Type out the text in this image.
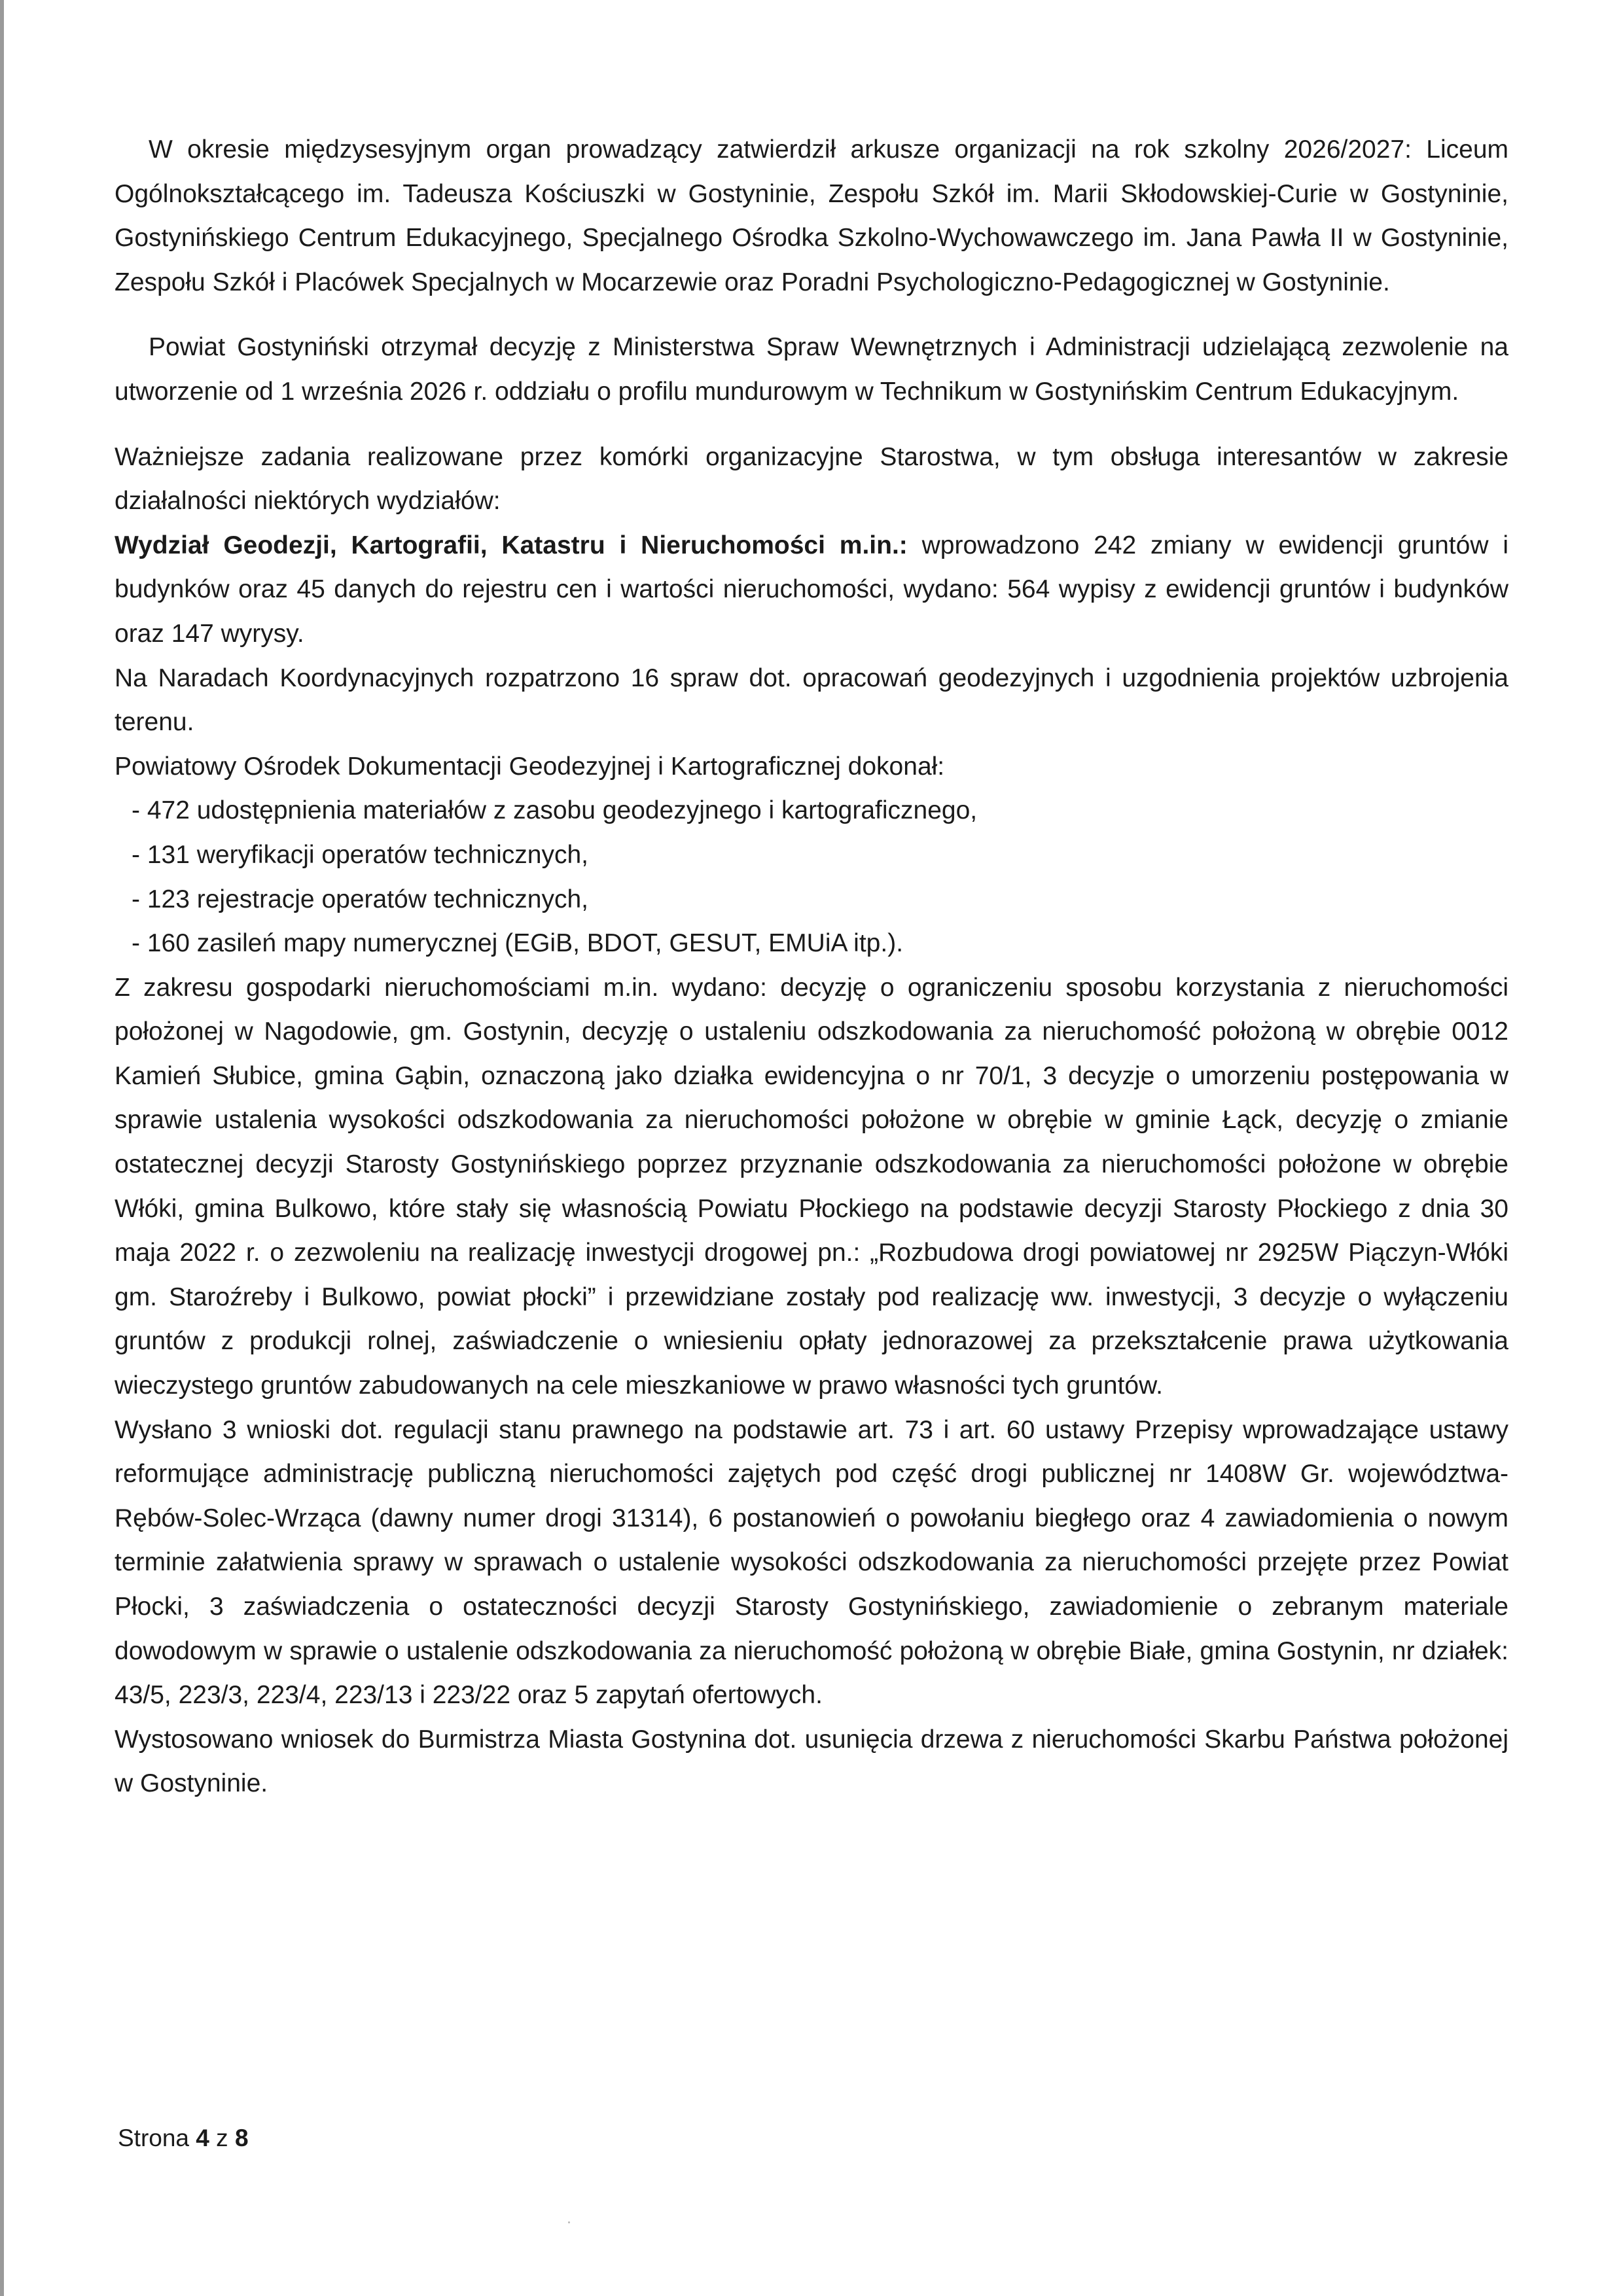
W okresie międzysesyjnym organ prowadzący zatwierdził arkusze organizacji na rok szkolny 2026/2027: Liceum Ogólnokształcącego im. Tadeusza Kościuszki w Gostyninie, Zespołu Szkół im. Marii Skłodowskiej-Curie w Gostyninie, Gostynińskiego Centrum Edukacyjnego, Specjalnego Ośrodka Szkolno-Wychowawczego im. Jana Pawła II w Gostyninie, Zespołu Szkół i Placówek Specjalnych w Mocarzewie oraz Poradni Psychologiczno-Pedagogicznej w Gostyninie.

Powiat Gostyniński otrzymał decyzję z Ministerstwa Spraw Wewnętrznych i Administracji udzielającą zezwolenie na utworzenie od 1 września 2026 r. oddziału o profilu mundurowym w Technikum w Gostynińskim Centrum Edukacyjnym.

Ważniejsze zadania realizowane przez komórki organizacyjne Starostwa, w tym obsługa interesantów w zakresie działalności niektórych wydziałów:

Wydział Geodezji, Kartografii, Katastru i Nieruchomości m.in.: wprowadzono 242 zmiany w ewidencji gruntów i budynków oraz 45 danych do rejestru cen i wartości nieruchomości, wydano: 564 wypisy z ewidencji gruntów i budynków oraz 147 wyrysy.

Na Naradach Koordynacyjnych rozpatrzono 16 spraw dot. opracowań geodezyjnych i uzgodnienia projektów uzbrojenia terenu.

Powiatowy Ośrodek Dokumentacji Geodezyjnej i Kartograficznej dokonał:

- 472 udostępnienia materiałów z zasobu geodezyjnego i kartograficznego,
- 131 weryfikacji operatów technicznych,
- 123 rejestracje operatów technicznych,
- 160 zasileń mapy numerycznej (EGiB, BDOT, GESUT, EMUiA itp.).

Z zakresu gospodarki nieruchomościami m.in. wydano: decyzję o ograniczeniu sposobu korzystania z nieruchomości położonej w Nagodowie, gm. Gostynin, decyzję o ustaleniu odszkodowania za nieruchomość położoną w obrębie 0012 Kamień Słubice, gmina Gąbin, oznaczoną jako działka ewidencyjna o nr 70/1, 3 decyzje o umorzeniu postępowania w sprawie ustalenia wysokości odszkodowania za nieruchomości położone w obrębie w gminie Łąck, decyzję o zmianie ostatecznej decyzji Starosty Gostynińskiego poprzez przyznanie odszkodowania za nieruchomości położone w obrębie Włóki, gmina Bulkowo, które stały się własnością Powiatu Płockiego na podstawie decyzji Starosty Płockiego z dnia 30 maja 2022 r. o zezwoleniu na realizację inwestycji drogowej pn.: „Rozbudowa drogi powiatowej nr 2925W Piączyn-Włóki gm. Staroźreby i Bulkowo, powiat płocki” i przewidziane zostały pod realizację ww. inwestycji, 3 decyzje o wyłączeniu gruntów z produkcji rolnej, zaświadczenie o wniesieniu opłaty jednorazowej za przekształcenie prawa użytkowania wieczystego gruntów zabudowanych na cele mieszkaniowe w prawo własności tych gruntów.

Wysłano 3 wnioski dot. regulacji stanu prawnego na podstawie art. 73 i art. 60 ustawy Przepisy wprowadzające ustawy reformujące administrację publiczną nieruchomości zajętych pod część drogi publicznej nr 1408W Gr. województwa-Rębów-Solec-Wrząca (dawny numer drogi 31314), 6 postanowień o powołaniu biegłego oraz 4 zawiadomienia o nowym terminie załatwienia sprawy w sprawach o ustalenie wysokości odszkodowania za nieruchomości przejęte przez Powiat Płocki, 3 zaświadczenia o ostateczności decyzji Starosty Gostynińskiego, zawiadomienie o zebranym materiale dowodowym w sprawie o ustalenie odszkodowania za nieruchomość położoną w obrębie Białe, gmina Gostynin, nr działek: 43/5, 223/3, 223/4, 223/13 i 223/22 oraz 5 zapytań ofertowych.

Wystosowano wniosek do Burmistrza Miasta Gostynina dot. usunięcia drzewa z nieruchomości Skarbu Państwa położonej w Gostyninie.

Strona 4 z 8
